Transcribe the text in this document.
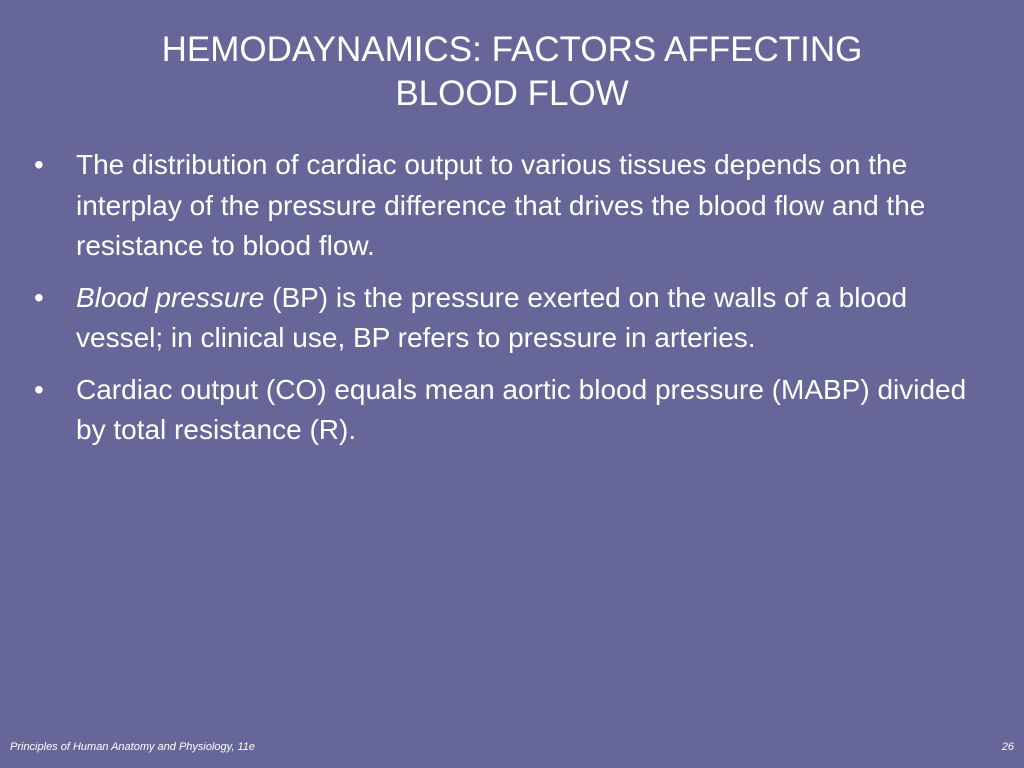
HEMODAYNAMICS: FACTORS AFFECTING
BLOOD FLOW
•	The distribution of cardiac output to various tissues depends on the interplay of the pressure difference that drives the blood flow and the resistance to blood flow.
•	Blood pressure (BP) is the pressure exerted on the walls of a blood vessel; in clinical use, BP refers to pressure in arteries.
•	Cardiac output (CO) equals mean aortic blood pressure (MABP) divided by total resistance (R).
Principles of Human Anatomy and Physiology, 11e	26
